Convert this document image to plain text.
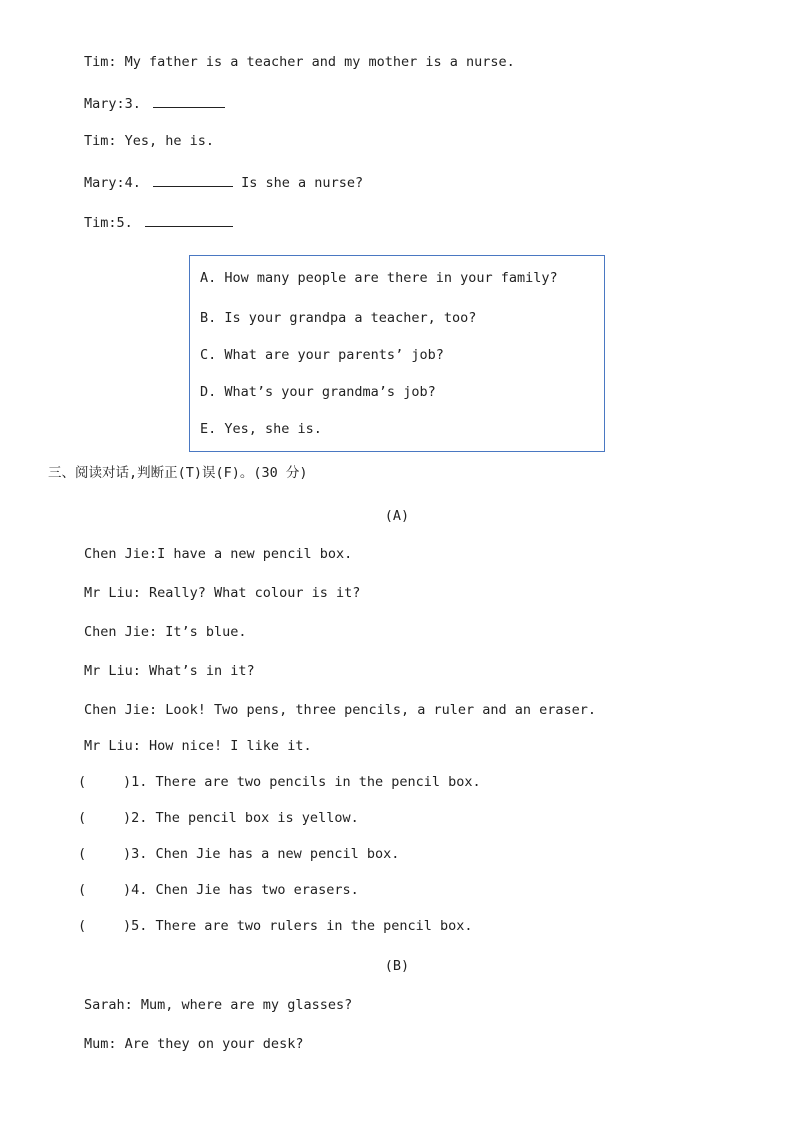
Tim: My father is a teacher and my mother is a nurse.
Mary:3.
Tim: Yes, he is.
Mary:4.	Is she a nurse?
Tim:5.
A. How many people are there in your family?
B. Is your grandpa a teacher, too?
C. What are your parents’ job?
D. What’s your grandma’s job?
E. Yes, she is.
三、阅读对话,判断正(T)误(F)。(30 分)
(A)
Chen Jie:I have a new pencil box.
Mr Liu: Really? What colour is it?
Chen Jie: It’s blue.
Mr Liu: What’s in it?
Chen Jie: Look! Two pens, three pencils, a ruler and an eraser.
Mr Liu: How nice! I like it.
(	)1. There are two pencils in the pencil box.
(	)2. The pencil box is yellow.
(	)3. Chen Jie has a new pencil box.
(	)4. Chen Jie has two erasers.
(	)5. There are two rulers in the pencil box.
(B)
Sarah: Mum, where are my glasses?
Mum: Are they on your desk?
